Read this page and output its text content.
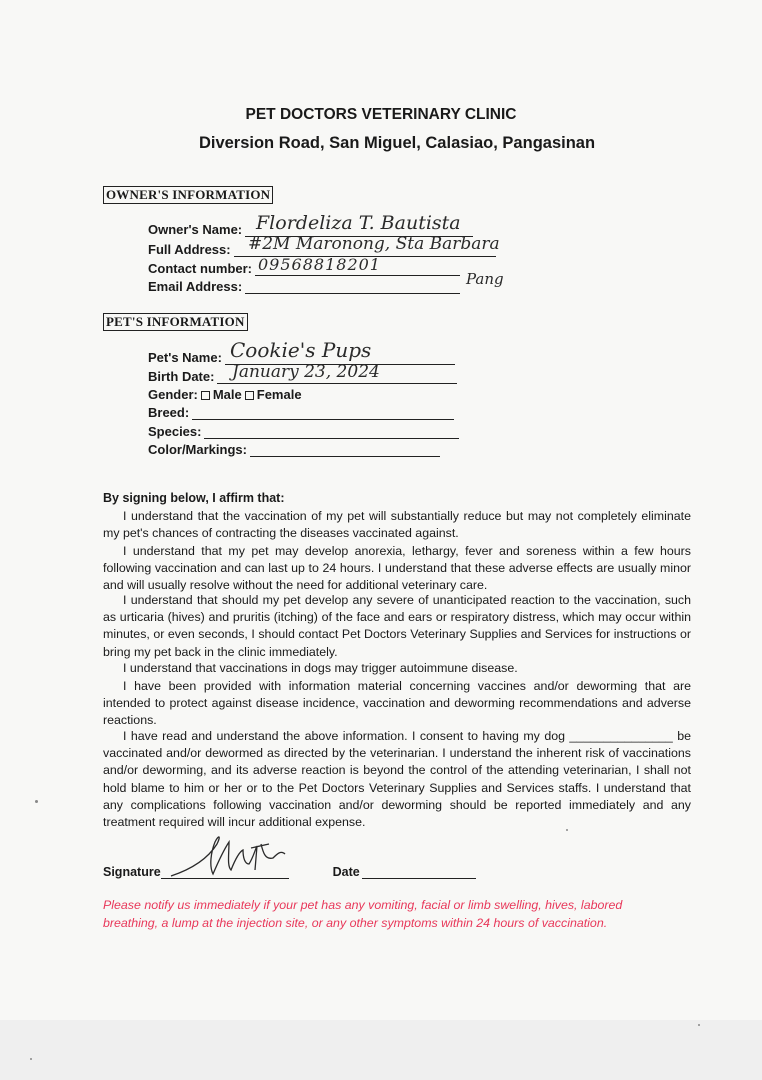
PET DOCTORS VETERINARY CLINIC
Diversion Road, San Miguel, Calasiao, Pangasinan
OWNER'S INFORMATION
Owner's Name: Flordeliza T. Bautista
Full Address: #2M Maronong, Sta Barbara
Contact number: 09568818201
Pang
Email Address:
PET'S INFORMATION
Pet's Name: Cookie's Pups
Birth Date: January 23, 2024
Gender: Male Female
Breed:
Species:
Color/Markings:
By signing below, I affirm that:
I understand that the vaccination of my pet will substantially reduce but may not completely eliminate my pet's chances of contracting the diseases vaccinated against.
I understand that my pet may develop anorexia, lethargy, fever and soreness within a few hours following vaccination and can last up to 24 hours. I understand that these adverse effects are usually minor and will usually resolve without the need for additional veterinary care.
I understand that should my pet develop any severe of unanticipated reaction to the vaccination, such as urticaria (hives) and pruritis (itching) of the face and ears or respiratory distress, which may occur within minutes, or even seconds, I should contact Pet Doctors Veterinary Supplies and Services for instructions or bring my pet back in the clinic immediately.
I understand that vaccinations in dogs may trigger autoimmune disease.
I have been provided with information material concerning vaccines and/or deworming that are intended to protect against disease incidence, vaccination and deworming recommendations and adverse reactions.
I have read and understand the above information. I consent to having my dog _______________ be vaccinated and/or dewormed as directed by the veterinarian. I understand the inherent risk of vaccinations and/or deworming, and its adverse reaction is beyond the control of the attending veterinarian, I shall not hold blame to him or her or to the Pet Doctors Veterinary Supplies and Services staffs. I understand that any complications following vaccination and/or deworming should be reported immediately and any treatment required will incur additional expense.
Signature	Date
Please notify us immediately if your pet has any vomiting, facial or limb swelling, hives, labored breathing, a lump at the injection site, or any other symptoms within 24 hours of vaccination.
